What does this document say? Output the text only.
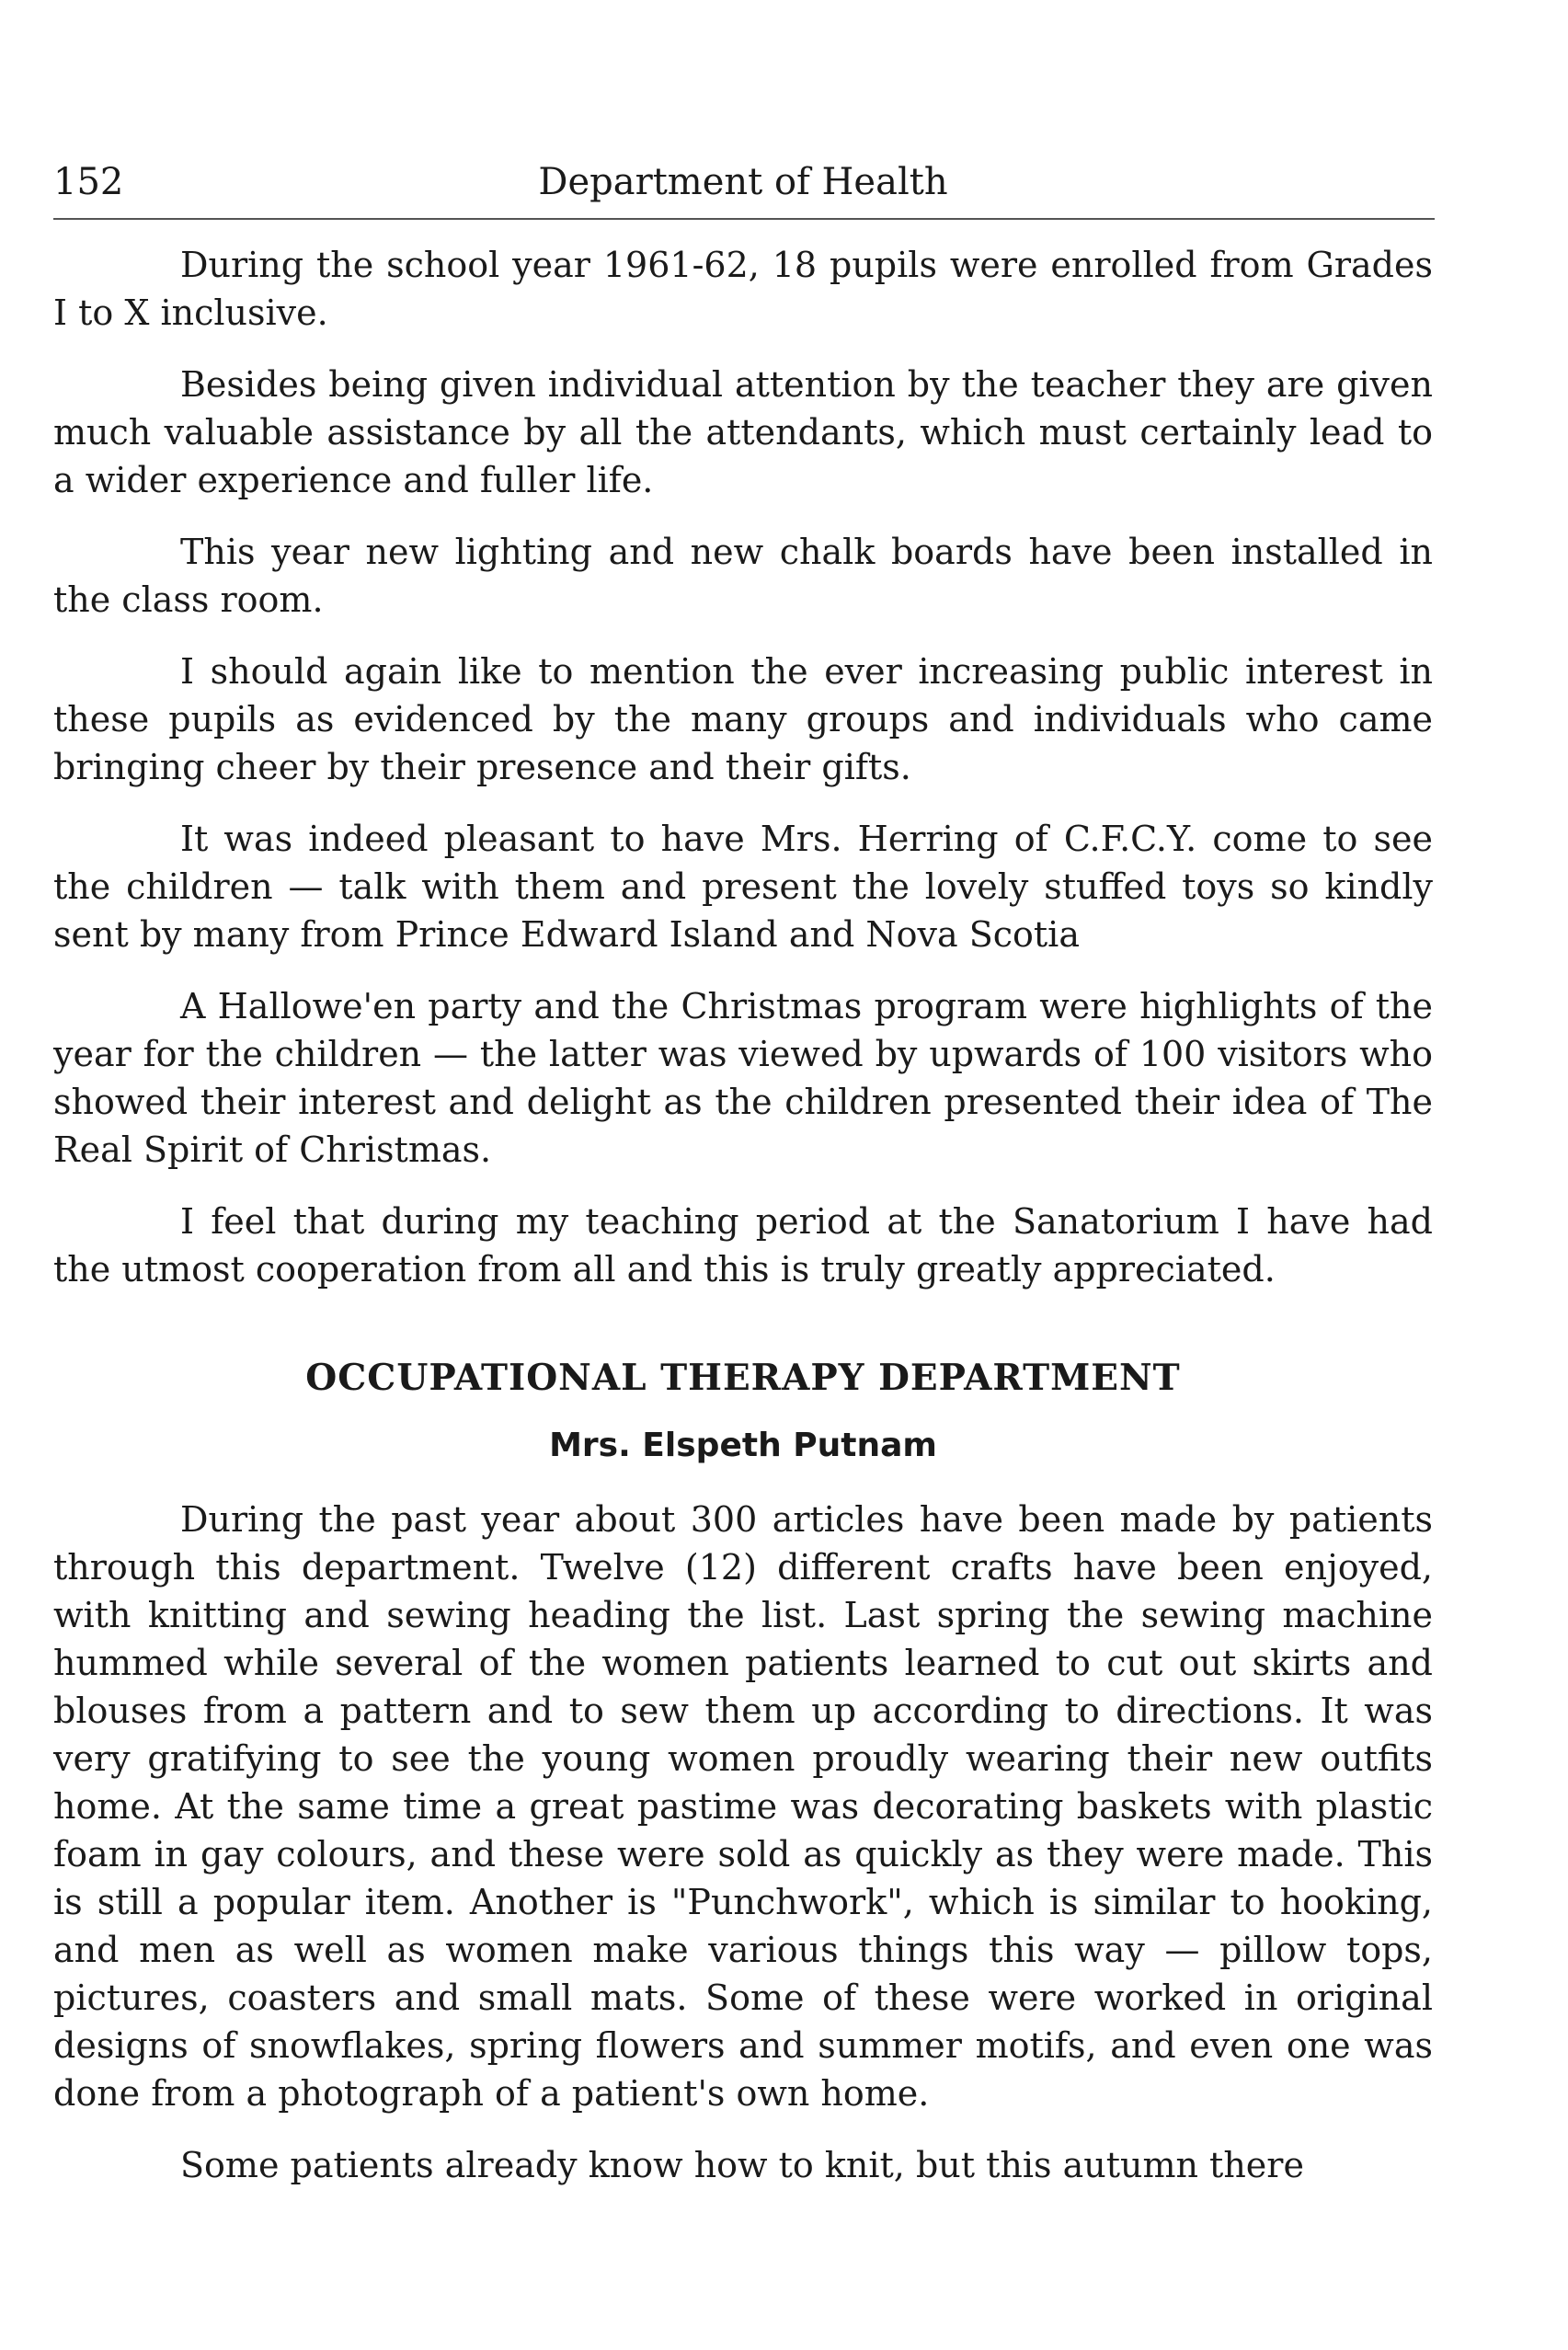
152	Department of Health

During the school year 1961-62, 18 pupils were enrolled from Grades I to X inclusive.

Besides being given individual attention by the teacher they are given much valuable assistance by all the attendants, which must certainly lead to a wider experience and fuller life.

This year new lighting and new chalk boards have been installed in the class room.

I should again like to mention the ever increasing public interest in these pupils as evidenced by the many groups and individuals who came bringing cheer by their presence and their gifts.

It was indeed pleasant to have Mrs. Herring of C.F.C.Y. come to see the children — talk with them and present the lovely stuffed toys so kindly sent by many from Prince Edward Island and Nova Scotia

A Hallowe'en party and the Christmas program were highlights of the year for the children — the latter was viewed by upwards of 100 visitors who showed their interest and delight as the children presented their idea of The Real Spirit of Christmas.

I feel that during my teaching period at the Sanatorium I have had the utmost cooperation from all and this is truly greatly appreciated.

OCCUPATIONAL THERAPY DEPARTMENT
Mrs. Elspeth Putnam

During the past year about 300 articles have been made by patients through this department. Twelve (12) different crafts have been enjoyed, with knitting and sewing heading the list. Last spring the sewing machine hummed while several of the women patients learned to cut out skirts and blouses from a pattern and to sew them up according to directions. It was very gratifying to see the young women proudly wearing their new outfits home. At the same time a great pastime was decorating baskets with plastic foam in gay colours, and these were sold as quickly as they were made. This is still a popular item. Another is "Punchwork", which is similar to hooking, and men as well as women make various things this way — pillow tops, pictures, coasters and small mats. Some of these were worked in original designs of snowflakes, spring flowers and summer motifs, and even one was done from a photograph of a patient's own home.

Some patients already know how to knit, but this autumn there
